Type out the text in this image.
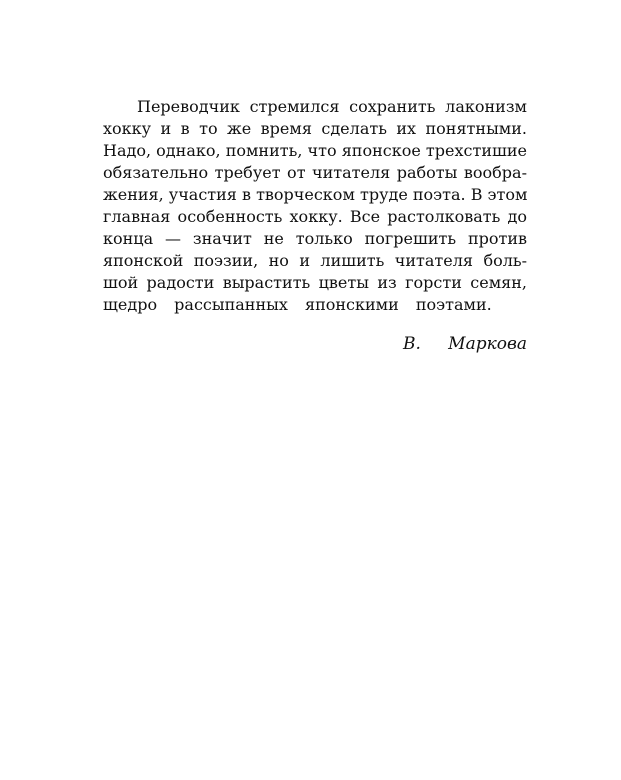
Переводчик стремился сохранить лаконизм
хокку и в то же время сделать их понятными.
Надо, однако, помнить, что японское трехстишие
обязательно требует от читателя работы вообра-
жения, участия в творческом труде поэта. В этом
главная особенность хокку. Все растолковать до
конца — значит не только погрешить против
японской поэзии, но и лишить читателя боль-
шой радости вырастить цветы из горсти семян,
щедро рассыпанных японскими поэтами.
В. Маркова
